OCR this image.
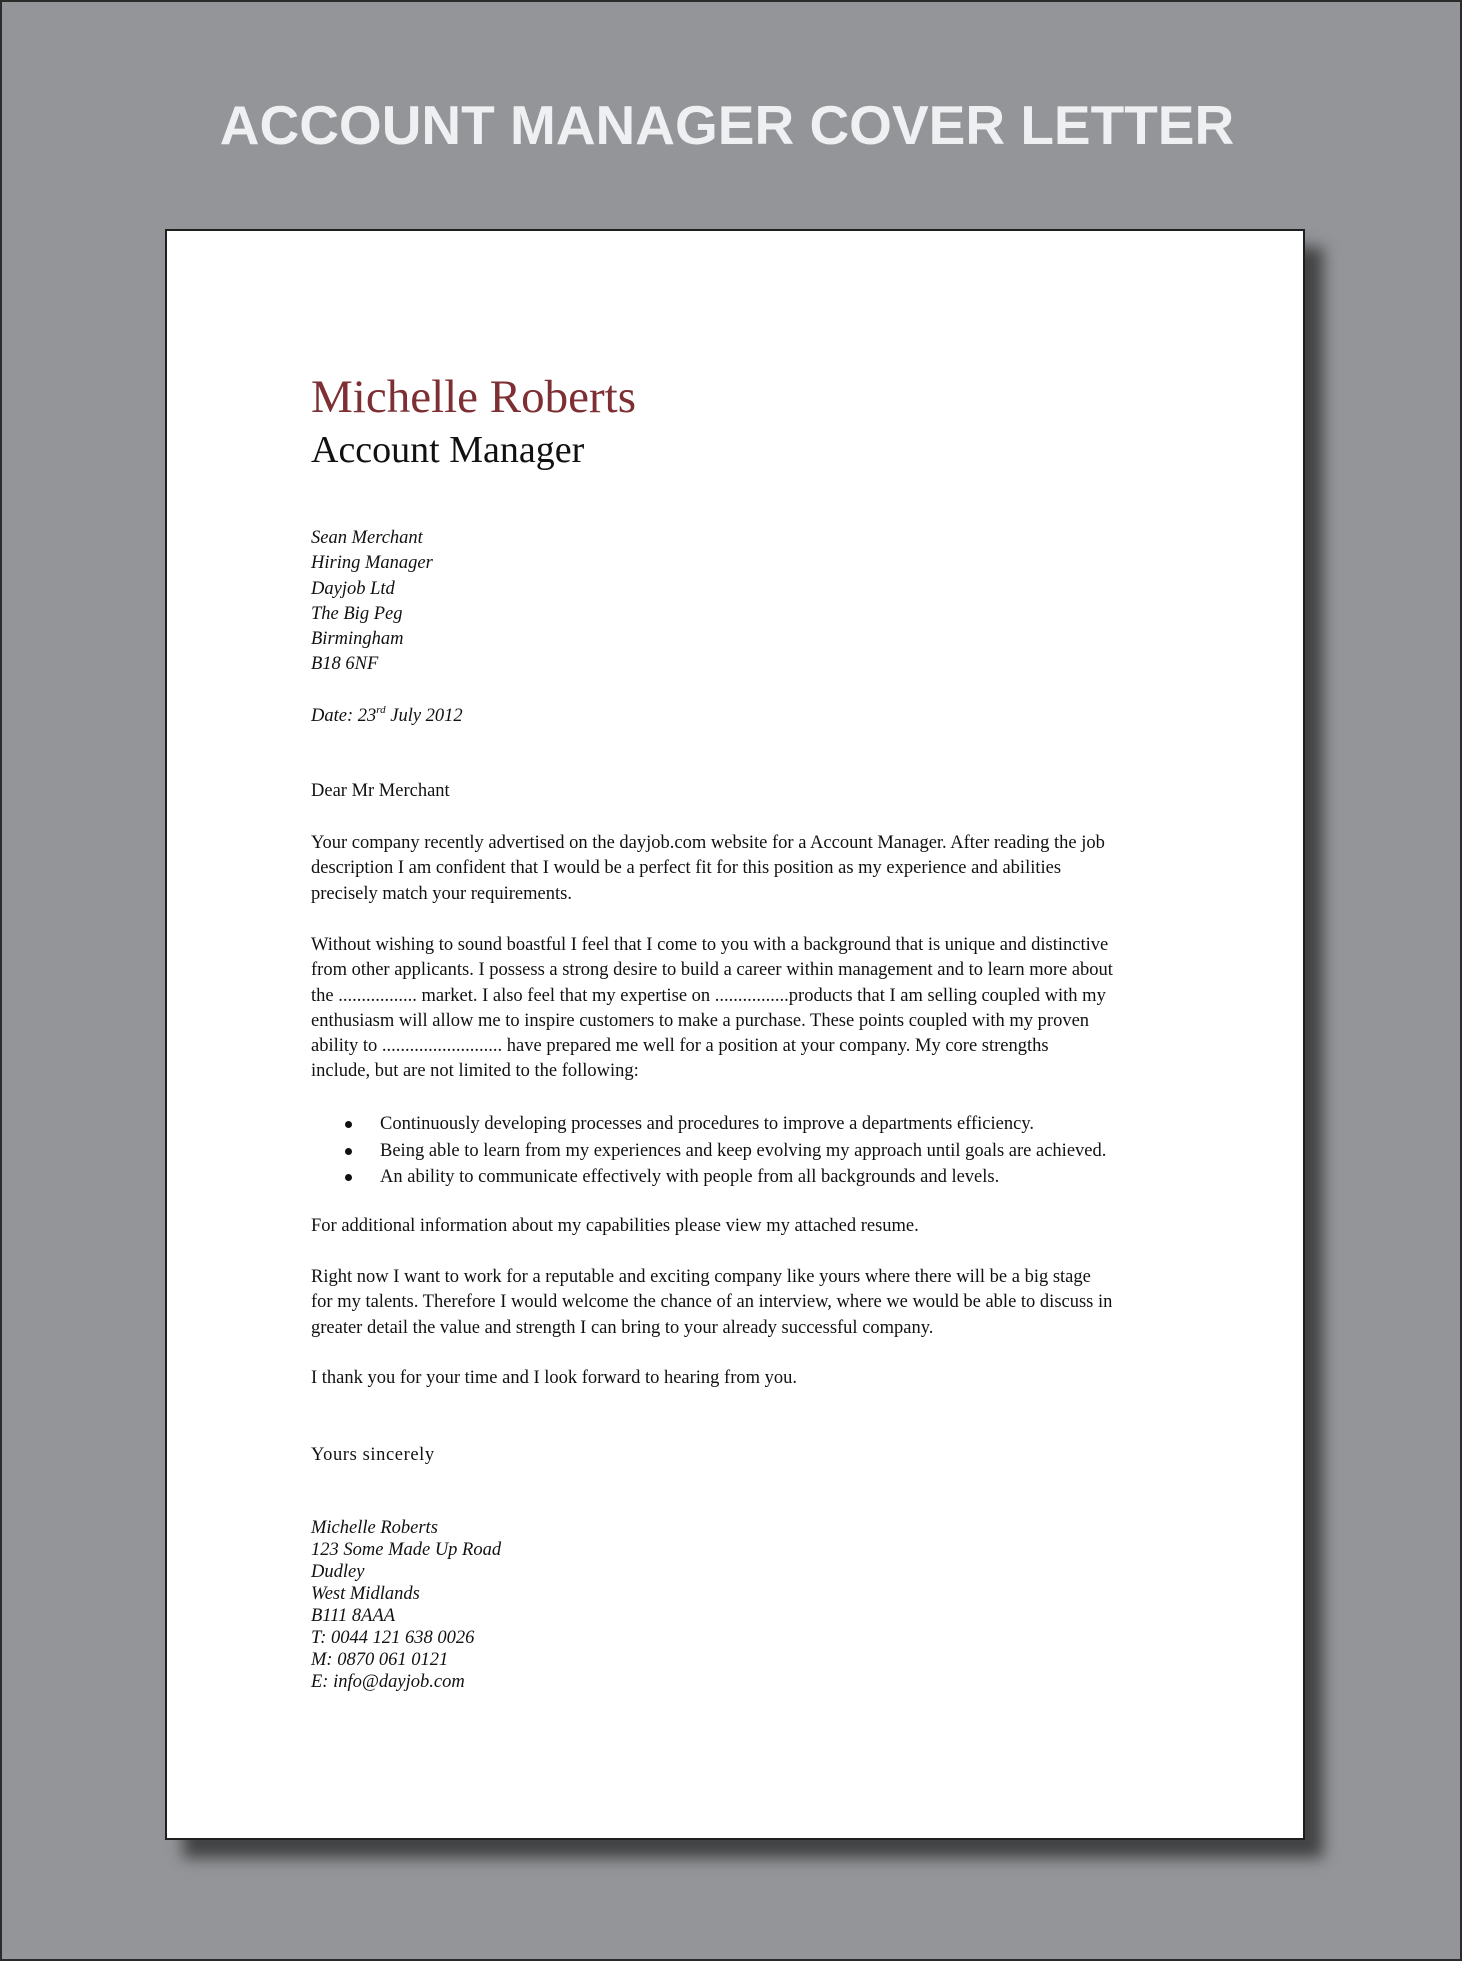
ACCOUNT MANAGER COVER LETTER
Michelle Roberts
Account Manager
Sean Merchant
Hiring Manager
Dayjob Ltd
The Big Peg
Birmingham
B18 6NF
Date: 23rd July 2012
Dear Mr Merchant
Your company recently advertised on the dayjob.com website for a Account Manager. After reading the job
description I am confident that I would be a perfect fit for this position as my experience and abilities
precisely match your requirements.
Without wishing to sound boastful I feel that I come to you with a background that is unique and distinctive
from other applicants. I possess a strong desire to build a career within management and to learn more about
the ................. market. I also feel that my expertise on ................products that I am selling coupled with my
enthusiasm will allow me to inspire customers to make a purchase. These points coupled with my proven
ability to .......................... have prepared me well for a position at your company. My core strengths
include, but are not limited to the following:
Continuously developing processes and procedures to improve a departments efficiency.
Being able to learn from my experiences and keep evolving my approach until goals are achieved.
An ability to communicate effectively with people from all backgrounds and levels.
For additional information about my capabilities please view my attached resume.
Right now I want to work for a reputable and exciting company like yours where there will be a big stage
for my talents. Therefore I would welcome the chance of an interview, where we would be able to discuss in
greater detail the value and strength I can bring to your already successful company.
I thank you for your time and I look forward to hearing from you.
Yours sincerely
Michelle Roberts
123 Some Made Up Road
Dudley
West Midlands
B111 8AAA
T: 0044 121 638 0026
M: 0870 061 0121
E: info@dayjob.com
